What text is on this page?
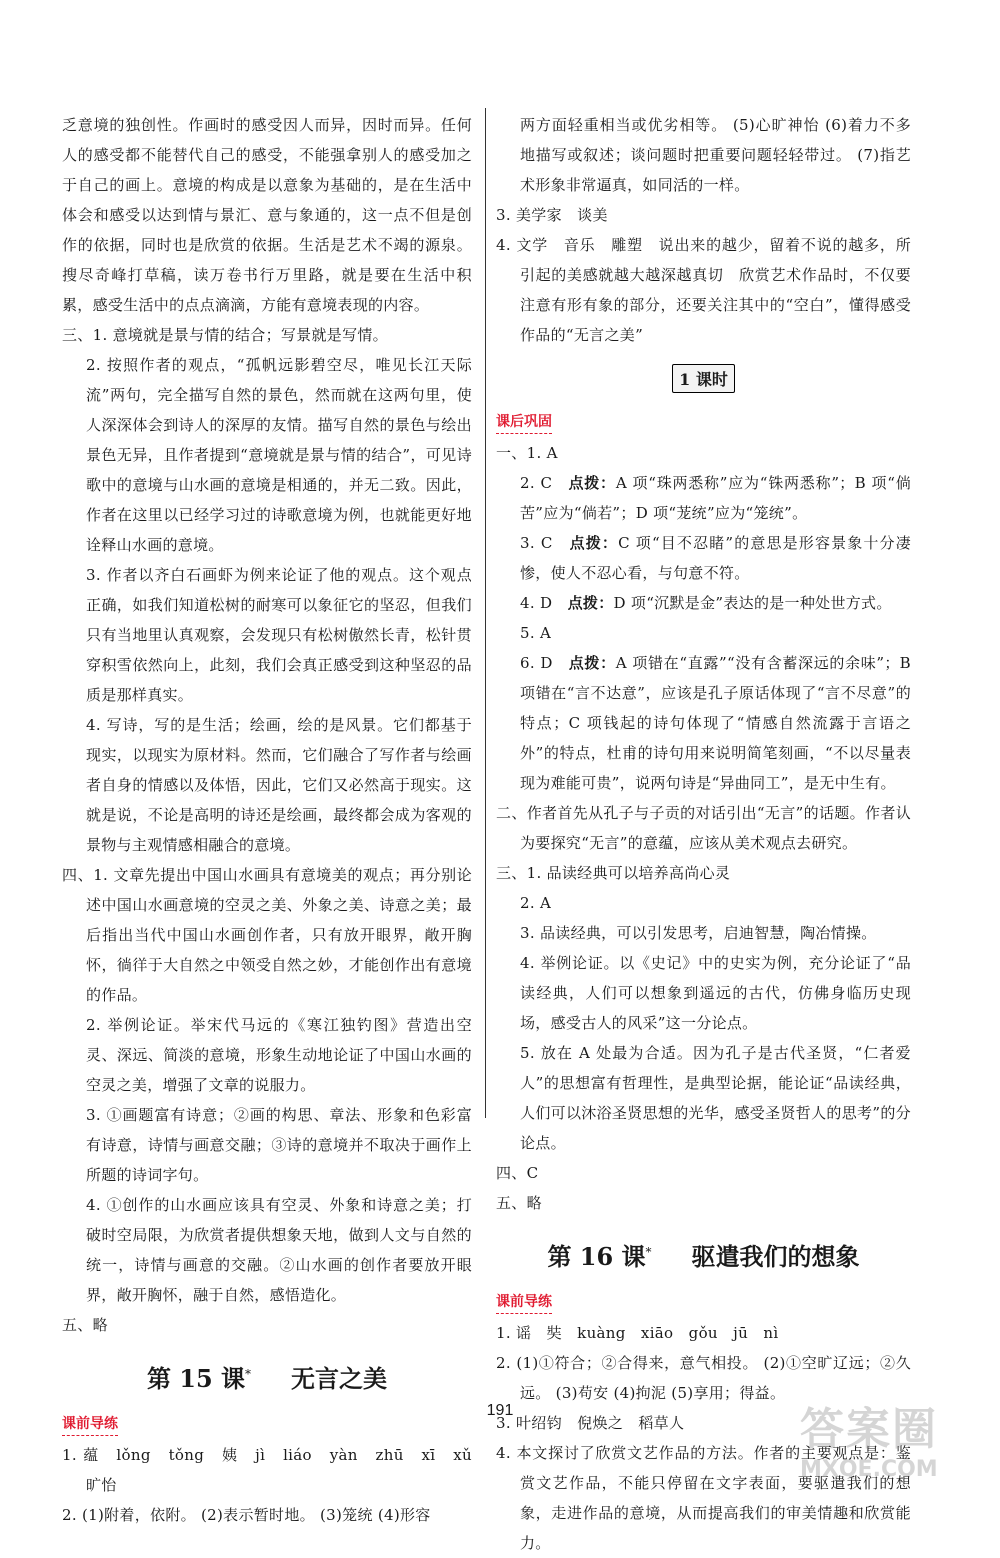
乏意境的独创性。作画时的感受因人而异，因时而异。任何人的感受都不能替代自己的感受，不能强拿别人的感受加之于自己的画上。意境的构成是以意象为基础的，是在生活中体会和感受以达到情与景汇、意与象通的，这一点不但是创作的依据，同时也是欣赏的依据。生活是艺术不竭的源泉。搜尽奇峰打草稿，读万卷书行万里路，就是要在生活中积累，感受生活中的点点滴滴，方能有意境表现的内容。

三、1. 意境就是景与情的结合；写景就是写情。

2. 按照作者的观点，“孤帆远影碧空尽，唯见长江天际流”两句，完全描写自然的景色，然而就在这两句里，使人深深体会到诗人的深厚的友情。描写自然的景色与绘出景色无异，且作者提到“意境就是景与情的结合”，可见诗歌中的意境与山水画的意境是相通的，并无二致。因此，作者在这里以已经学习过的诗歌意境为例，也就能更好地诠释山水画的意境。

3. 作者以齐白石画虾为例来论证了他的观点。这个观点正确，如我们知道松树的耐寒可以象征它的坚忍，但我们只有当地里认真观察，会发现只有松树傲然长青，松针贯穿积雪依然向上，此刻，我们会真正感受到这种坚忍的品质是那样真实。

4. 写诗，写的是生活；绘画，绘的是风景。它们都基于现实，以现实为原材料。然而，它们融合了写作者与绘画者自身的情感以及体悟，因此，它们又必然高于现实。这就是说，不论是高明的诗还是绘画，最终都会成为客观的景物与主观情感相融合的意境。

四、1. 文章先提出中国山水画具有意境美的观点；再分别论述中国山水画意境的空灵之美、外象之美、诗意之美；最后指出当代中国山水画创作者，只有放开眼界，敞开胸怀，徜徉于大自然之中领受自然之妙，才能创作出有意境的作品。

2. 举例论证。举宋代马远的《寒江独钓图》营造出空灵、深远、简淡的意境，形象生动地论证了中国山水画的空灵之美，增强了文章的说服力。

3. ①画题富有诗意；②画的构思、章法、形象和色彩富有诗意，诗情与画意交融；③诗的意境并不取决于画作上所题的诗词字句。

4. ①创作的山水画应该具有空灵、外象和诗意之美；打破时空局限，为欣赏者提供想象天地，做到人文与自然的统一，诗情与画意的交融。②山水画的创作者要放开眼界，敞开胸怀，融于自然，感悟造化。

五、略

第 15 课* 无言之美
课前导练

1. 蕴　lǒng　tǒng　姨　jì　liáo　yàn　zhū　xī　xǔ　旷怡

2. (1)附着，依附。 (2)表示暂时地。 (3)笼统 (4)形容

两方面轻重相当或优劣相等。 (5)心旷神怡 (6)着力不多地描写或叙述；谈问题时把重要问题轻轻带过。 (7)指艺术形象非常逼真，如同活的一样。

3. 美学家　谈美

4. 文学　音乐　雕塑　说出来的越少，留着不说的越多，所引起的美感就越大越深越真切　欣赏艺术作品时，不仅要注意有形有象的部分，还要关注其中的“空白”，懂得感受作品的“无言之美”

1 课时
课后巩固

一、1. A

2. C　点拨：A 项“珠两悉称”应为“铢两悉称”；B 项“倘苦”应为“倘若”；D 项“茏统”应为“笼统”。

3. C　点拨：C 项“目不忍睹”的意思是形容景象十分凄惨，使人不忍心看，与句意不符。

4. D　点拨：D 项“沉默是金”表达的是一种处世方式。

5. A

6. D　点拨：A 项错在“直露”“没有含蓄深远的余味”；B 项错在“言不达意”，应该是孔子原话体现了“言不尽意”的特点；C 项钱起的诗句体现了“情感自然流露于言语之外”的特点，杜甫的诗句用来说明简笔刻画，“不以尽量表现为难能可贵”，说两句诗是“异曲同工”，是无中生有。

二、作者首先从孔子与子贡的对话引出“无言”的话题。作者认为要探究“无言”的意蕴，应该从美术观点去研究。

三、1. 品读经典可以培养高尚心灵

2. A

3. 品读经典，可以引发思考，启迪智慧，陶冶情操。

4. 举例论证。以《史记》中的史实为例，充分论证了“品读经典，人们可以想象到遥远的古代，仿佛身临历史现场，感受古人的风采”这一分论点。

5. 放在 A 处最为合适。因为孔子是古代圣贤，“仁者爱人”的思想富有哲理性，是典型论据，能论证“品读经典，人们可以沐浴圣贤思想的光华，感受圣贤哲人的思考”的分论点。

四、C

五、略

第 16 课* 驱遣我们的想象
课前导练

1. 谣　奘　kuàng　xiāo　gǒu　jū　nì

2. (1)①符合；②合得来，意气相投。 (2)①空旷辽远；②久远。 (3)苟安 (4)拘泥 (5)享用；得益。

3. 叶绍钧　倪焕之　稻草人

4. 本文探讨了欣赏文艺作品的方法。作者的主要观点是：鉴赏文艺作品，不能只停留在文字表面，要驱遣我们的想象，走进作品的意境，从而提高我们的审美情趣和欣赏能力。

191	答案圈
MXQE.COM
